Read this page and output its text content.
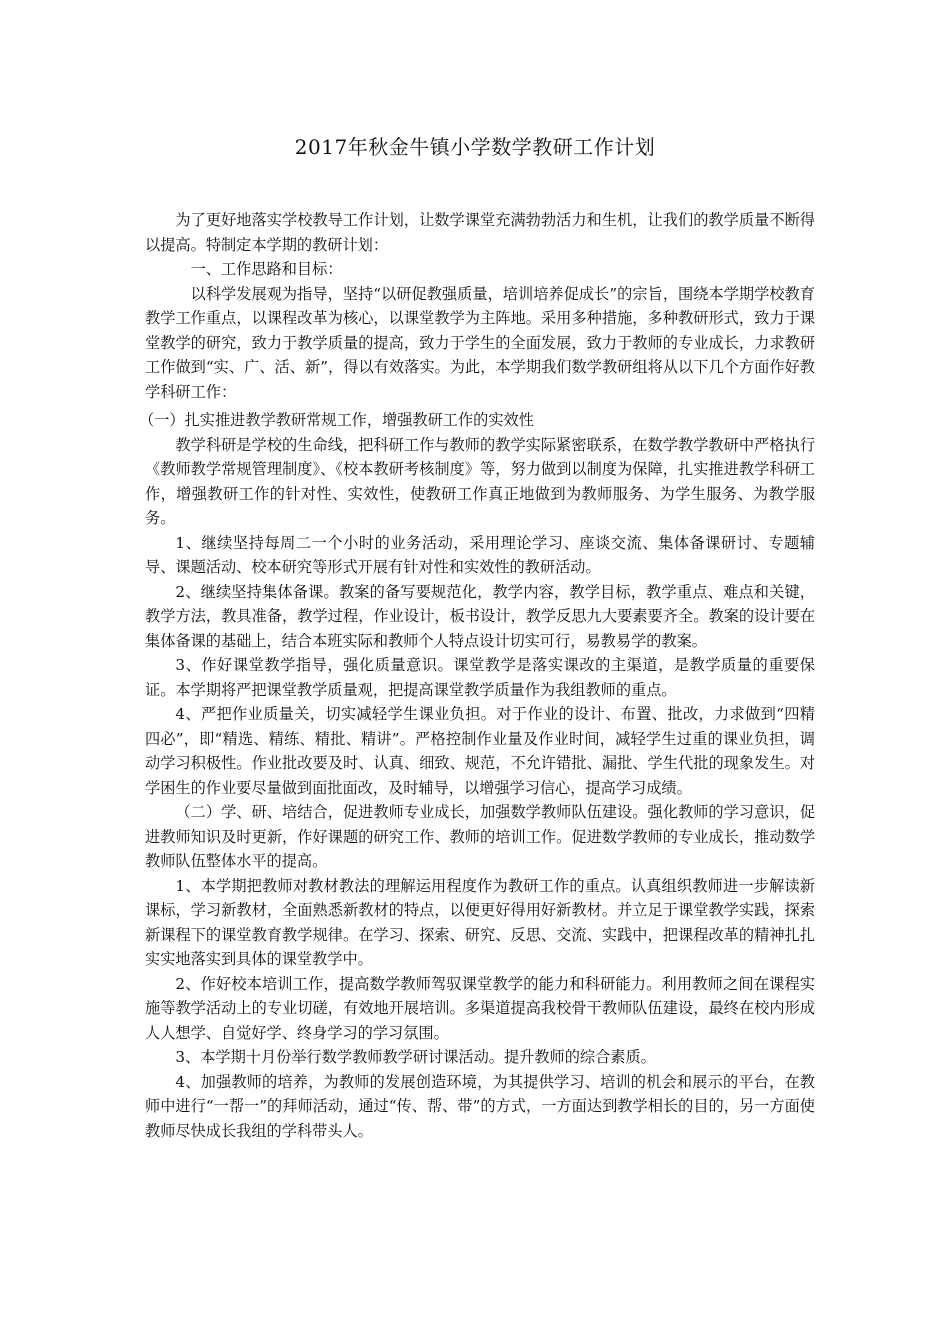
2017年秋金牛镇小学数学教研工作计划

为了更好地落实学校教导工作计划，让数学课堂充满勃勃活力和生机，让我们的教学质量不断得以提高。特制定本学期的教研计划：

一、工作思路和目标：

以科学发展观为指导，坚持“以研促教强质量，培训培养促成长”的宗旨，围绕本学期学校教育教学工作重点，以课程改革为核心，以课堂教学为主阵地。采用多种措施，多种教研形式，致力于课堂教学的研究，致力于教学质量的提高，致力于学生的全面发展，致力于教师的专业成长，力求教研工作做到“实、广、活、新”，得以有效落实。为此，本学期我们数学教研组将从以下几个方面作好教学科研工作：

（一）扎实推进教学教研常规工作，增强教研工作的实效性

教学科研是学校的生命线，把科研工作与教师的教学实际紧密联系，在数学教学教研中严格执行《教师教学常规管理制度》、《校本教研考核制度》等，努力做到以制度为保障，扎实推进教学科研工作，增强教研工作的针对性、实效性，使教研工作真正地做到为教师服务、为学生服务、为教学服务。

1、继续坚持每周二一个小时的业务活动，采用理论学习、座谈交流、集体备课研讨、专题辅导、课题活动、校本研究等形式开展有针对性和实效性的教研活动。

2、继续坚持集体备课。教案的备写要规范化，教学内容，教学目标，教学重点、难点和关键，教学方法，教具准备，教学过程，作业设计，板书设计，教学反思九大要素要齐全。教案的设计要在集体备课的基础上，结合本班实际和教师个人特点设计切实可行，易教易学的教案。

3、作好课堂教学指导，强化质量意识。课堂教学是落实课改的主渠道，是教学质量的重要保证。本学期将严把课堂教学质量观，把提高课堂教学质量作为我组教师的重点。

4、严把作业质量关，切实减轻学生课业负担。对于作业的设计、布置、批改，力求做到“四精四必”，即“精选、精练、精批、精讲”。严格控制作业量及作业时间，减轻学生过重的课业负担，调动学习积极性。作业批改要及时、认真、细致、规范，不允许错批、漏批、学生代批的现象发生。对学困生的作业要尽量做到面批面改，及时辅导，以增强学习信心，提高学习成绩。

（二）学、研、培结合，促进教师专业成长，加强数学教师队伍建设。强化教师的学习意识，促进教师知识及时更新，作好课题的研究工作、教师的培训工作。促进数学教师的专业成长，推动数学教师队伍整体水平的提高。

1、本学期把教师对教材教法的理解运用程度作为教研工作的重点。认真组织教师进一步解读新课标，学习新教材，全面熟悉新教材的特点，以便更好得用好新教材。并立足于课堂教学实践，探索新课程下的课堂教育教学规律。在学习、探索、研究、反思、交流、实践中，把课程改革的精神扎扎实实地落实到具体的课堂教学中。

2、作好校本培训工作，提高数学教师驾驭课堂教学的能力和科研能力。利用教师之间在课程实施等教学活动上的专业切磋，有效地开展培训。多渠道提高我校骨干教师队伍建设，最终在校内形成人人想学、自觉好学、终身学习的学习氛围。

3、本学期十月份举行数学教师教学研讨课活动。提升教师的综合素质。

4、加强教师的培养，为教师的发展创造环境，为其提供学习、培训的机会和展示的平台，在教师中进行“一帮一”的拜师活动，通过“传、帮、带”的方式，一方面达到教学相长的目的，另一方面使教师尽快成长我组的学科带头人。
